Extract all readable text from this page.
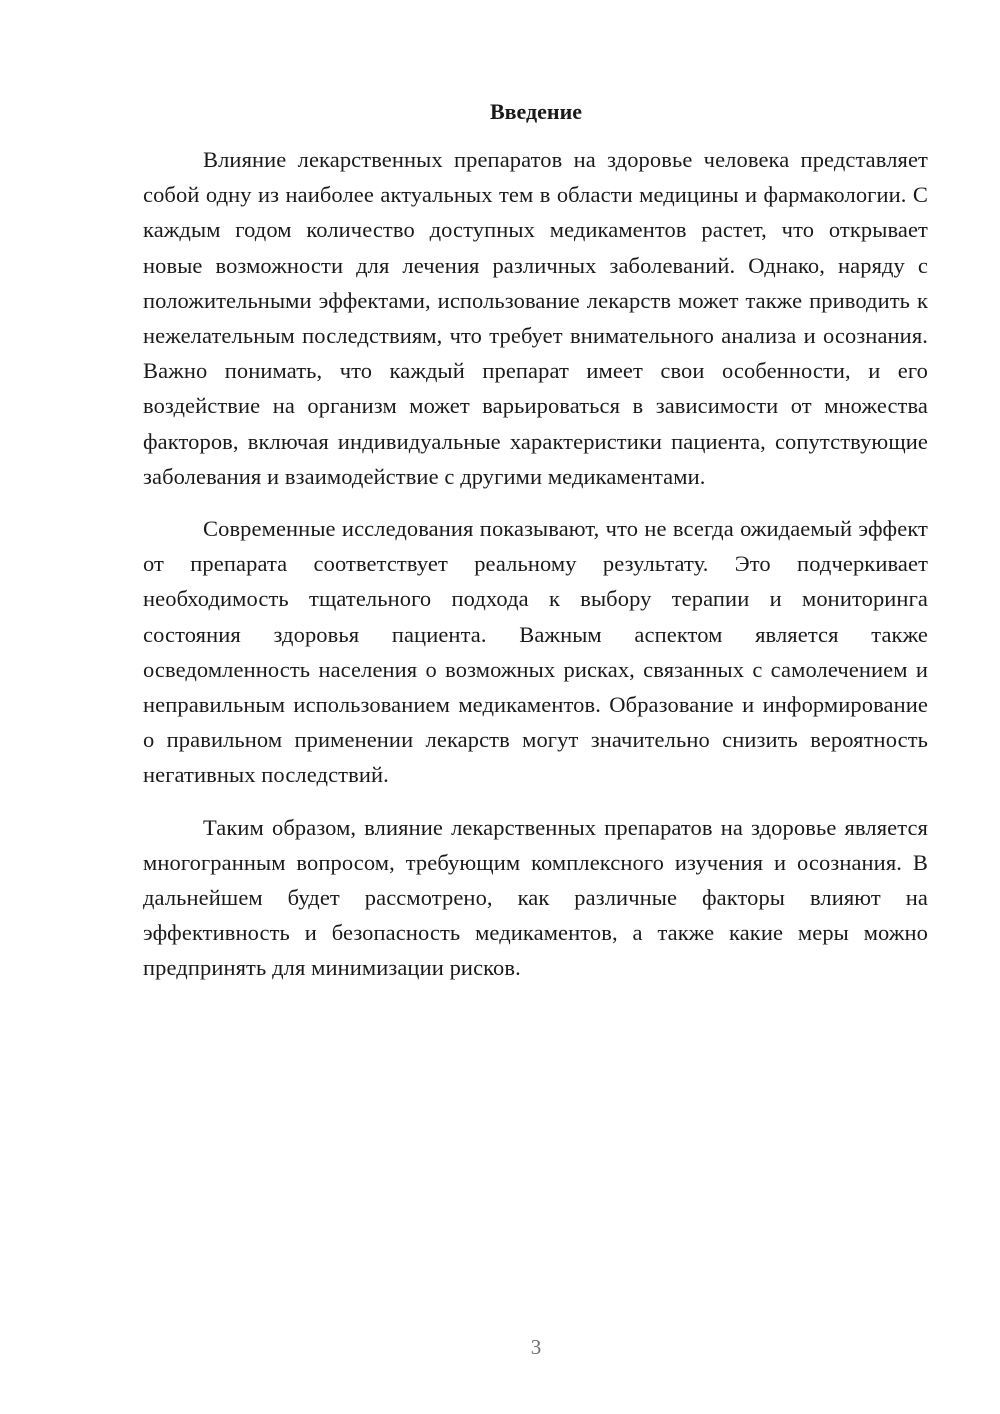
Введение

Влияние лекарственных препаратов на здоровье человека представляет собой одну из наиболее актуальных тем в области медицины и фармакологии. С каждым годом количество доступных медикаментов растет, что открывает новые возможности для лечения различных заболеваний. Однако, наряду с положительными эффектами, использование лекарств может также приводить к нежелательным последствиям, что требует внимательного анализа и осознания. Важно понимать, что каждый препарат имеет свои особенности, и его воздействие на организм может варьироваться в зависимости от множества факторов, включая индивидуальные характеристики пациента, сопутствующие заболевания и взаимодействие с другими медикаментами.

Современные исследования показывают, что не всегда ожидаемый эффект от препарата соответствует реальному результату. Это подчеркивает необходимость тщательного подхода к выбору терапии и мониторинга состояния здоровья пациента. Важным аспектом является также осведомленность населения о возможных рисках, связанных с самолечением и неправильным использованием медикаментов. Образование и информирование о правильном применении лекарств могут значительно снизить вероятность негативных последствий.

Таким образом, влияние лекарственных препаратов на здоровье является многогранным вопросом, требующим комплексного изучения и осознания. В дальнейшем будет рассмотрено, как различные факторы влияют на эффективность и безопасность медикаментов, а также какие меры можно предпринять для минимизации рисков.

3
